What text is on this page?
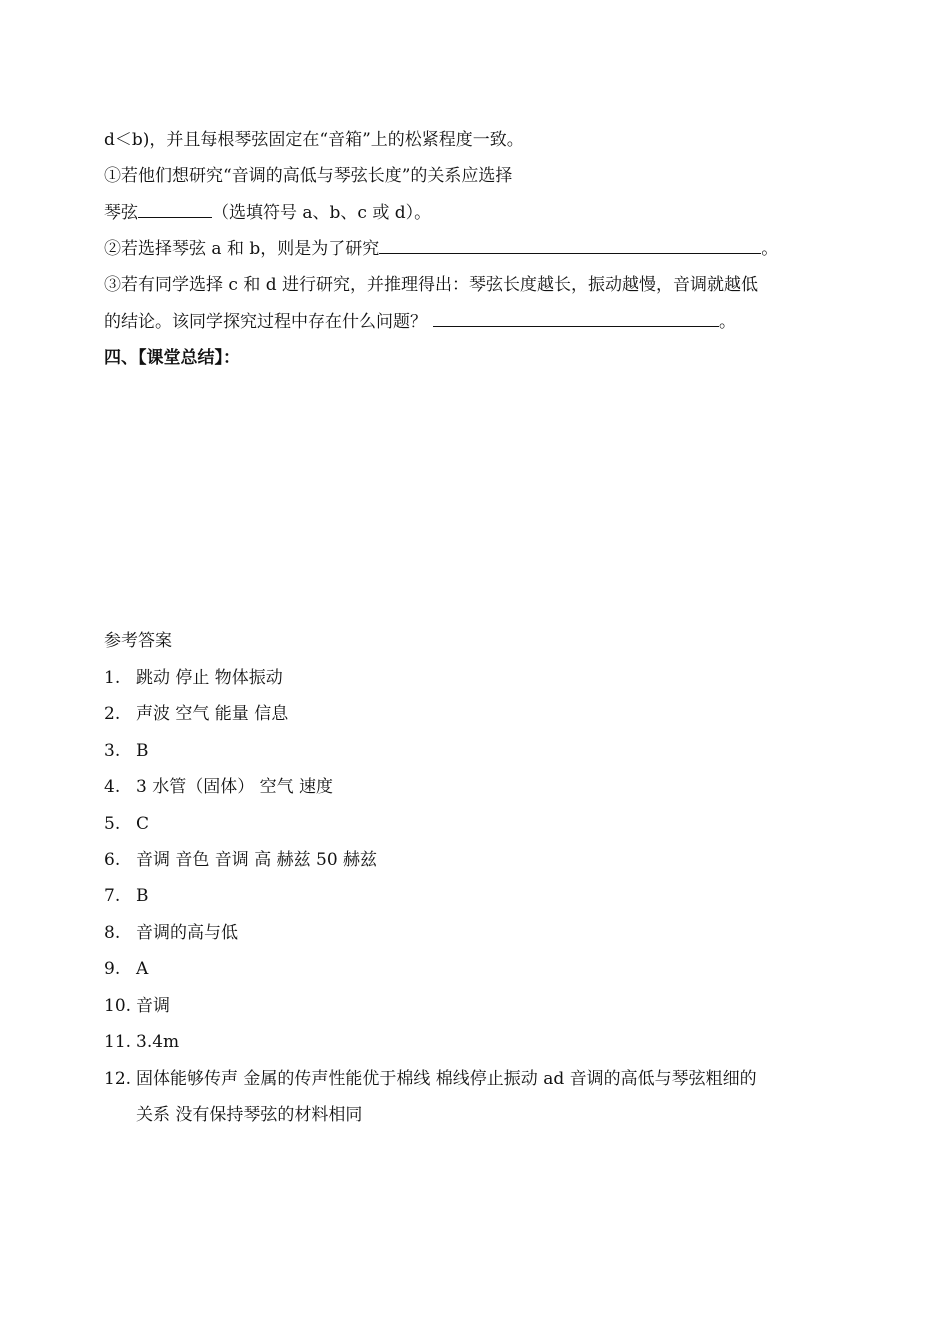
d＜b)，并且每根琴弦固定在“音箱”上的松紧程度一致。
①若他们想研究“音调的高低与琴弦长度”的关系应选择
琴弦	（选填符号 a、b、c 或 d）。
②若选择琴弦 a 和 b，则是为了研究	。
③若有同学选择 c 和 d 进行研究，并推理得出：琴弦长度越长，振动越慢，音调就越低
的结论。该同学探究过程中存在什么问题？	。
四、【课堂总结】：
参考答案
1. 跳动 停止 物体振动
2. 声波 空气 能量 信息
3. B
4. 3 水管（固体） 空气 速度
5. C
6. 音调 音色 音调 高 赫兹 50 赫兹
7. B
8. 音调的高与低
9. A
10. 音调
11. 3.4m
12. 固体能够传声 金属的传声性能优于棉线 棉线停止振动 ad 音调的高低与琴弦粗细的
关系 没有保持琴弦的材料相同
